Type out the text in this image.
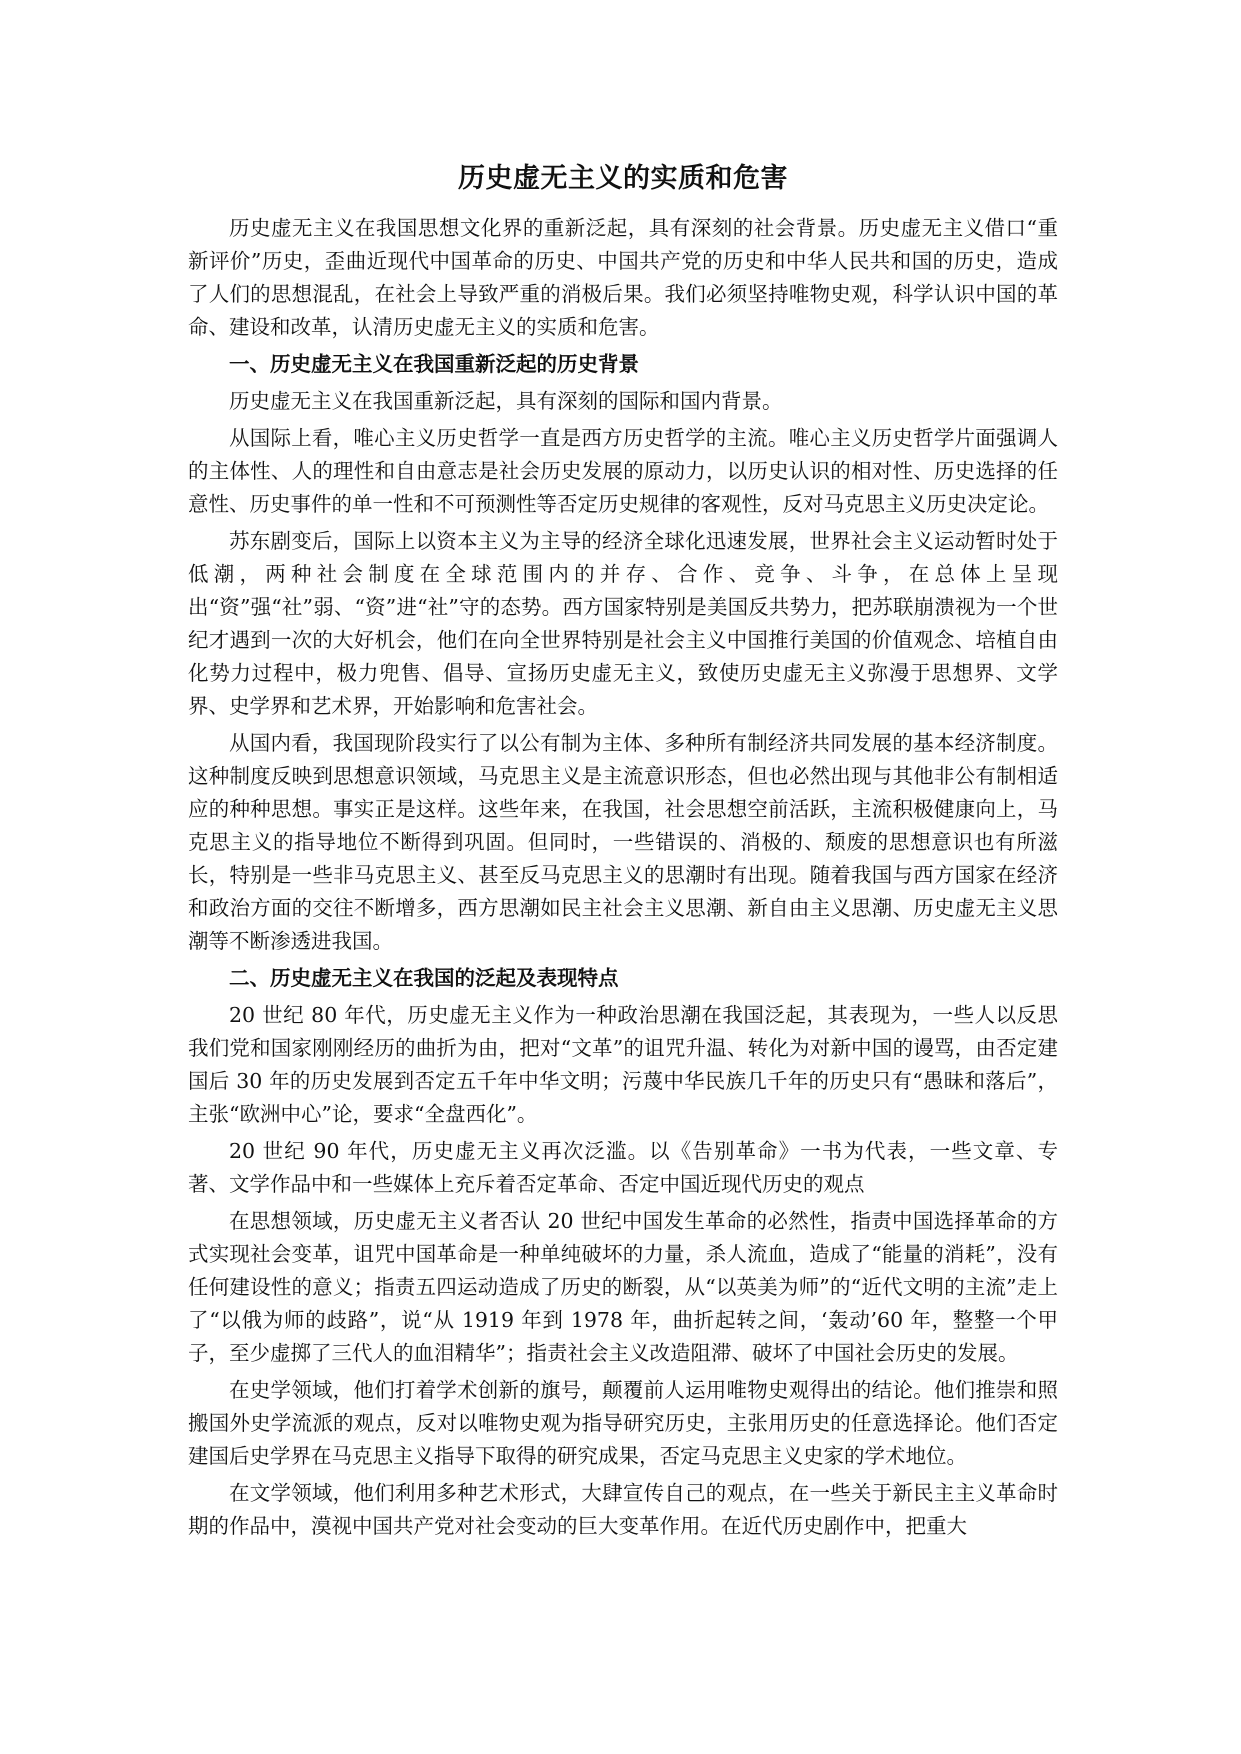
历史虚无主义的实质和危害

历史虚无主义在我国思想文化界的重新泛起，具有深刻的社会背景。历史虚无主义借口“重新评价”历史，歪曲近现代中国革命的历史、中国共产党的历史和中华人民共和国的历史，造成了人们的思想混乱，在社会上导致严重的消极后果。我们必须坚持唯物史观，科学认识中国的革命、建设和改革，认清历史虚无主义的实质和危害。

一、历史虚无主义在我国重新泛起的历史背景

历史虚无主义在我国重新泛起，具有深刻的国际和国内背景。

从国际上看，唯心主义历史哲学一直是西方历史哲学的主流。唯心主义历史哲学片面强调人的主体性、人的理性和自由意志是社会历史发展的原动力，以历史认识的相对性、历史选择的任意性、历史事件的单一性和不可预测性等否定历史规律的客观性，反对马克思主义历史决定论。

苏东剧变后，国际上以资本主义为主导的经济全球化迅速发展，世界社会主义运动暂时处于低潮，两种社会制度在全球范围内的并存、合作、竞争、斗争，在总体上呈现出“资”强“社”弱、“资”进“社”守的态势。西方国家特别是美国反共势力，把苏联崩溃视为一个世纪才遇到一次的大好机会，他们在向全世界特别是社会主义中国推行美国的价值观念、培植自由化势力过程中，极力兜售、倡导、宣扬历史虚无主义，致使历史虚无主义弥漫于思想界、文学界、史学界和艺术界，开始影响和危害社会。

从国内看，我国现阶段实行了以公有制为主体、多种所有制经济共同发展的基本经济制度。这种制度反映到思想意识领域，马克思主义是主流意识形态，但也必然出现与其他非公有制相适应的种种思想。事实正是这样。这些年来，在我国，社会思想空前活跃，主流积极健康向上，马克思主义的指导地位不断得到巩固。但同时，一些错误的、消极的、颓废的思想意识也有所滋长，特别是一些非马克思主义、甚至反马克思主义的思潮时有出现。随着我国与西方国家在经济和政治方面的交往不断增多，西方思潮如民主社会主义思潮、新自由主义思潮、历史虚无主义思潮等不断渗透进我国。

二、历史虚无主义在我国的泛起及表现特点

20 世纪 80 年代，历史虚无主义作为一种政治思潮在我国泛起，其表现为，一些人以反思我们党和国家刚刚经历的曲折为由，把对“文革”的诅咒升温、转化为对新中国的谩骂，由否定建国后 30 年的历史发展到否定五千年中华文明；污蔑中华民族几千年的历史只有“愚昧和落后”，主张“欧洲中心”论，要求“全盘西化”。

20 世纪 90 年代，历史虚无主义再次泛滥。以《告别革命》一书为代表，一些文章、专著、文学作品中和一些媒体上充斥着否定革命、否定中国近现代历史的观点

在思想领域，历史虚无主义者否认 20 世纪中国发生革命的必然性，指责中国选择革命的方式实现社会变革，诅咒中国革命是一种单纯破坏的力量，杀人流血，造成了“能量的消耗”，没有任何建设性的意义；指责五四运动造成了历史的断裂，从“以英美为师”的“近代文明的主流”走上了“以俄为师的歧路”，说“从 1919 年到 1978 年，曲折起转之间，‘轰动’60 年，整整一个甲子，至少虚掷了三代人的血泪精华”；指责社会主义改造阻滞、破坏了中国社会历史的发展。

在史学领域，他们打着学术创新的旗号，颠覆前人运用唯物史观得出的结论。他们推崇和照搬国外史学流派的观点，反对以唯物史观为指导研究历史，主张用历史的任意选择论。他们否定建国后史学界在马克思主义指导下取得的研究成果，否定马克思主义史家的学术地位。

在文学领域，他们利用多种艺术形式，大肆宣传自己的观点，在一些关于新民主主义革命时期的作品中，漠视中国共产党对社会变动的巨大变革作用。在近代历史剧作中，把重大
